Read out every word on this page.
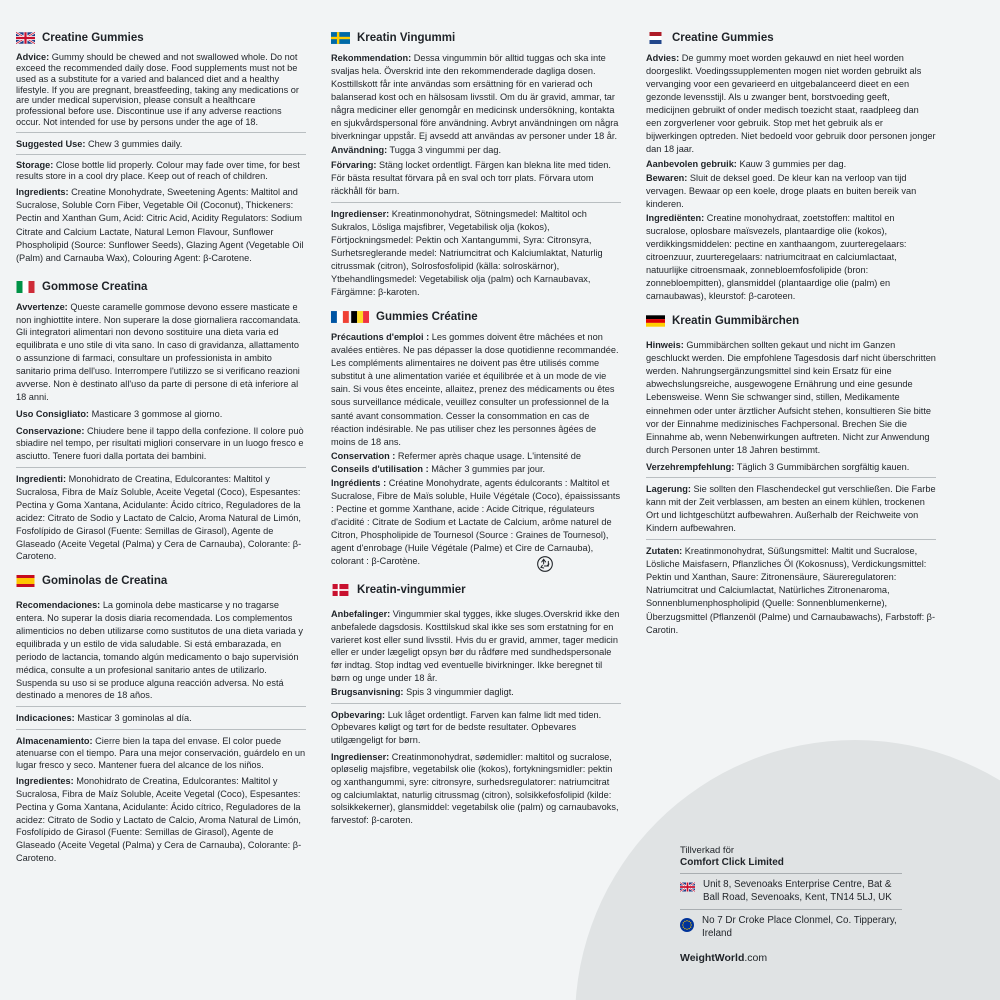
Creatine Gummies

Advice: Gummy should be chewed and not swallowed whole. Do not exceed the recommended daily dose. Food supplements must not be used as a substitute for a varied and balanced diet and a healthy lifestyle. If you are pregnant, breastfeeding, taking any medications or are under medical supervision, please consult a healthcare professional before use. Discontinue use if any adverse reactions occur. Not intended for use by persons under the age of 18.

Suggested Use: Chew 3 gummies daily.

Storage: Close bottle lid properly. Colour may fade over time, for best results store in a cool dry place. Keep out of reach of children.

Ingredients: Creatine Monohydrate, Sweetening Agents: Maltitol and Sucralose, Soluble Corn Fiber, Vegetable Oil (Coconut), Thickeners: Pectin and Xanthan Gum, Acid: Citric Acid, Acidity Regulators: Sodium Citrate and Calcium Lactate, Natural Lemon Flavour, Sunflower Phospholipid (Source: Sunflower Seeds), Glazing Agent (Vegetable Oil (Palm) and Carnauba Wax), Colouring Agent: β-Carotene.

Gommose Creatina

Avvertenze: Queste caramelle gommose devono essere masticate e non inghiottite intere. Non superare la dose giornaliera raccomandata. Gli integratori alimentari non devono sostituire una dieta varia ed equilibrata e uno stile di vita sano. In caso di gravidanza, allattamento o assunzione di farmaci, consultare un professionista in ambito sanitario prima dell'uso. Interrompere l'utilizzo se si verificano reazioni avverse. Non è destinato all'uso da parte di persone di età inferiore al 18 anni.

Uso Consigliato: Masticare 3 gommose al giorno.

Conservazione: Chiudere bene il tappo della confezione. Il colore può sbiadire nel tempo, per risultati migliori conservare in un luogo fresco e asciutto. Tenere fuori dalla portata dei bambini.

Ingredienti: Monohidrato de Creatina, Edulcorantes: Maltitol y Sucralosa, Fibra de Maíz Soluble, Aceite Vegetal (Coco), Espesantes: Pectina y Goma Xantana, Acidulante: Ácido cítrico, Reguladores de la acidez: Citrato de Sodio y Lactato de Calcio, Aroma Natural de Limón, Fosfolípido de Girasol (Fuente: Semillas de Girasol), Agente de Glaseado (Aceite Vegetal (Palma) y Cera de Carnauba), Colorante: β-Caroteno.

Gominolas de Creatina

Recomendaciones: La gominola debe masticarse y no tragarse entera. No superar la dosis diaria recomendada. Los complementos alimenticios no deben utilizarse como sustitutos de una dieta variada y equilibrada y un estilo de vida saludable. Si está embarazada, en periodo de lactancia, tomando algún medicamento o bajo supervisión médica, consulte a un profesional sanitario antes de utilizarlo. Suspenda su uso si se produce alguna reacción adversa. No está destinado a menores de 18 años.

Indicaciones: Masticar 3 gominolas al día.

Almacenamiento: Cierre bien la tapa del envase. El color puede atenuarse con el tiempo. Para una mejor conservación, guárdelo en un lugar fresco y seco. Mantener fuera del alcance de los niños.

Ingredientes: Monohidrato de Creatina, Edulcorantes: Maltitol y Sucralosa, Fibra de Maíz Soluble, Aceite Vegetal (Coco), Espesantes: Pectina y Goma Xantana, Acidulante: Ácido cítrico, Reguladores de la acidez: Citrato de Sodio y Lactato de Calcio, Aroma Natural de Limón, Fosfolípido de Girasol (Fuente: Semillas de Girasol), Agente de Glaseado (Aceite Vegetal (Palma) y Cera de Carnauba), Colorante: β-Caroteno.

Kreatin Vingummi

Rekommendation: Dessa vingummin bör alltid tuggas och ska inte svaljas hela. Överskrid inte den rekommenderade dagliga dosen. Kosttillskott får inte användas som ersättning för en varierad och balanserad kost och en hälsosam livsstil. Om du är gravid, ammar, tar några mediciner eller genomgår en medicinsk undersökning, kontakta en sjukvårdspersonal före användning. Avbryt användningen om några biverkningar uppstår. Ej avsedd att användas av personer under 18 år.

Användning: Tugga 3 vingummi per dag.

Förvaring: Stäng locket ordentligt. Färgen kan blekna lite med tiden. För bästa resultat förvara på en sval och torr plats. Förvara utom räckhåll för barn.

Ingredienser: Kreatinmonohydrat, Sötningsmedel: Maltitol och Sukralos, Lösliga majsfibrer, Vegetabilisk olja (kokos), Förtjockningsmedel: Pektin och Xantangummi, Syra: Citronsyra, Surhetsreglerande medel: Natriumcitrat och Kalciumlaktat, Naturlig citrussmak (citron), Solrosfosfolipid (källa: solroskärnor), Ytbehandlingsmedel: Vegetabilisk olja (palm) och Karnaubavax, Färgämne: β-karoten.

Gummies Créatine

Précautions d'emploi : Les gommes doivent être mâchées et non avalées entières. Ne pas dépasser la dose quotidienne recommandée. Les compléments alimentaires ne doivent pas être utilisés comme substitut à une alimentation variée et équilibrée et à un mode de vie sain. Si vous êtes enceinte, allaitez, prenez des médicaments ou êtes sous surveillance médicale, veuillez consulter un professionnel de la santé avant consommation. Cesser la consommation en cas de réaction indésirable. Ne pas utiliser chez les personnes âgées de moins de 18 ans.

Conservation : Refermer après chaque usage. L'intensité de

Conseils d'utilisation : Mâcher 3 gummies par jour.

Ingrédients : Créatine Monohydrate, agents édulcorants : Maltitol et Sucralose, Fibre de Maïs soluble, Huile Végétale (Coco), épaississants : Pectine et gomme Xanthane, acide : Acide Citrique, régulateurs d'acidité : Citrate de Sodium et Lactate de Calcium, arôme naturel de Citron, Phospholipide de Tournesol (Source : Graines de Tournesol), agent d'enrobage (Huile Végétale (Palme) et Cire de Carnauba), colorant : β-Carotène.

Kreatin-vingummier

Anbefalinger: Vingummier skal tygges, ikke sluges.Overskrid ikke den anbefalede dagsdosis. Kosttilskud skal ikke ses som erstatning for en varieret kost eller sund livsstil. Hvis du er gravid, ammer, tager medicin eller er under lægeligt opsyn bør du rådføre med sundhedspersonale før indtag. Stop indtag ved eventuelle bivirkninger. Ikke beregnet til børn og unge under 18 år.

Brugsanvisning: Spis 3 vingummier dagligt.

Opbevaring: Luk låget ordentligt. Farven kan falme lidt med tiden. Opbevares køligt og tørt for de bedste resultater. Opbevares utilgængeligt for børn.

Ingredienser: Creatinmonohydrat, sødemidler: maltitol og sucralose, opløselig majsfibre, vegetabilsk olie (kokos), fortykningsmidler: pektin og xanthangummi, syre: citronsyre, surhedsregulatorer: natriumcitrat og calciumlaktat, naturlig citrussmag (citron), solsikkefosfolipid (kilde: solsikkekerner), glansmiddel: vegetabilsk olie (palm) og carnaubavoks, farvestof: β-caroten.

Creatine Gummies

Advies: De gummy moet worden gekauwd en niet heel worden doorgeslikt. Voedingssupplementen mogen niet worden gebruikt als vervanging voor een gevarieerd en uitgebalanceerd dieet en een gezonde levensstijl. Als u zwanger bent, borstvoeding geeft, medicijnen gebruikt of onder medisch toezicht staat, raadpleeg dan een zorgverlener voor gebruik. Stop met het gebruik als er bijwerkingen optreden. Niet bedoeld voor gebruik door personen jonger dan 18 jaar.

Aanbevolen gebruik: Kauw 3 gummies per dag.

Bewaren: Sluit de deksel goed. De kleur kan na verloop van tijd vervagen. Bewaar op een koele, droge plaats en buiten bereik van kinderen.

Ingrediënten: Creatine monohydraat, zoetstoffen: maltitol en sucralose, oplosbare maïsvezels, plantaardige olie (kokos), verdikkingsmiddelen: pectine en xanthaangom, zuurteregelaars: citroenzuur, zuurteregelaars: natriumcitraat en calciumlactaat, natuurlijke citroensmaak, zonnebloemfosfolipide (bron: zonnebloempitten), glansmiddel (plantaardige olie (palm) en carnaubawas), kleurstof: β-caroteen.

Kreatin Gummibärchen

Hinweis: Gummibärchen sollten gekaut und nicht im Ganzen geschluckt werden. Die empfohlene Tagesdosis darf nicht überschritten werden. Nahrungsergänzungsmittel sind kein Ersatz für eine abwechslungsreiche, ausgewogene Ernährung und eine gesunde Lebensweise. Wenn Sie schwanger sind, stillen, Medikamente einnehmen oder unter ärztlicher Aufsicht stehen, konsultieren Sie bitte vor der Einnahme medizinisches Fachpersonal. Brechen Sie die Einnahme ab, wenn Nebenwirkungen auftreten. Nicht zur Anwendung durch Personen unter 18 Jahren bestimmt.

Verzehrempfehlung: Täglich 3 Gummibärchen sorgfältig kauen.

Lagerung: Sie sollten den Flaschendeckel gut verschließen. Die Farbe kann mit der Zeit verblassen, am besten an einem kühlen, trockenen Ort und lichtgeschützt aufbewahren. Außerhalb der Reichweite von Kindern aufbewahren.

Zutaten: Kreatinmonohydrat, Süßungsmittel: Maltit und Sucralose, Lösliche Maisfasern, Pflanzliches Öl (Kokosnuss), Verdickungsmittel: Pektin und Xanthan, Saure: Zitronensäure, Säureregulatoren: Natriumcitrat und Calciumlactat, Natürliches Zitronenaroma, Sonnenblumenphospholipid (Quelle: Sonnenblumenkerne), Überzugsmittel (Pflanzenöl (Palme) und Carnaubawachs), Farbstoff: β-Carotin.

Tillverkad för
Comfort Click Limited
Unit 8, Sevenoaks Enterprise Centre, Bat & Ball Road, Sevenoaks, Kent, TN14 5LJ, UK
No 7 Dr Croke Place Clonmel, Co. Tipperary, Ireland
WeightWorld.com
